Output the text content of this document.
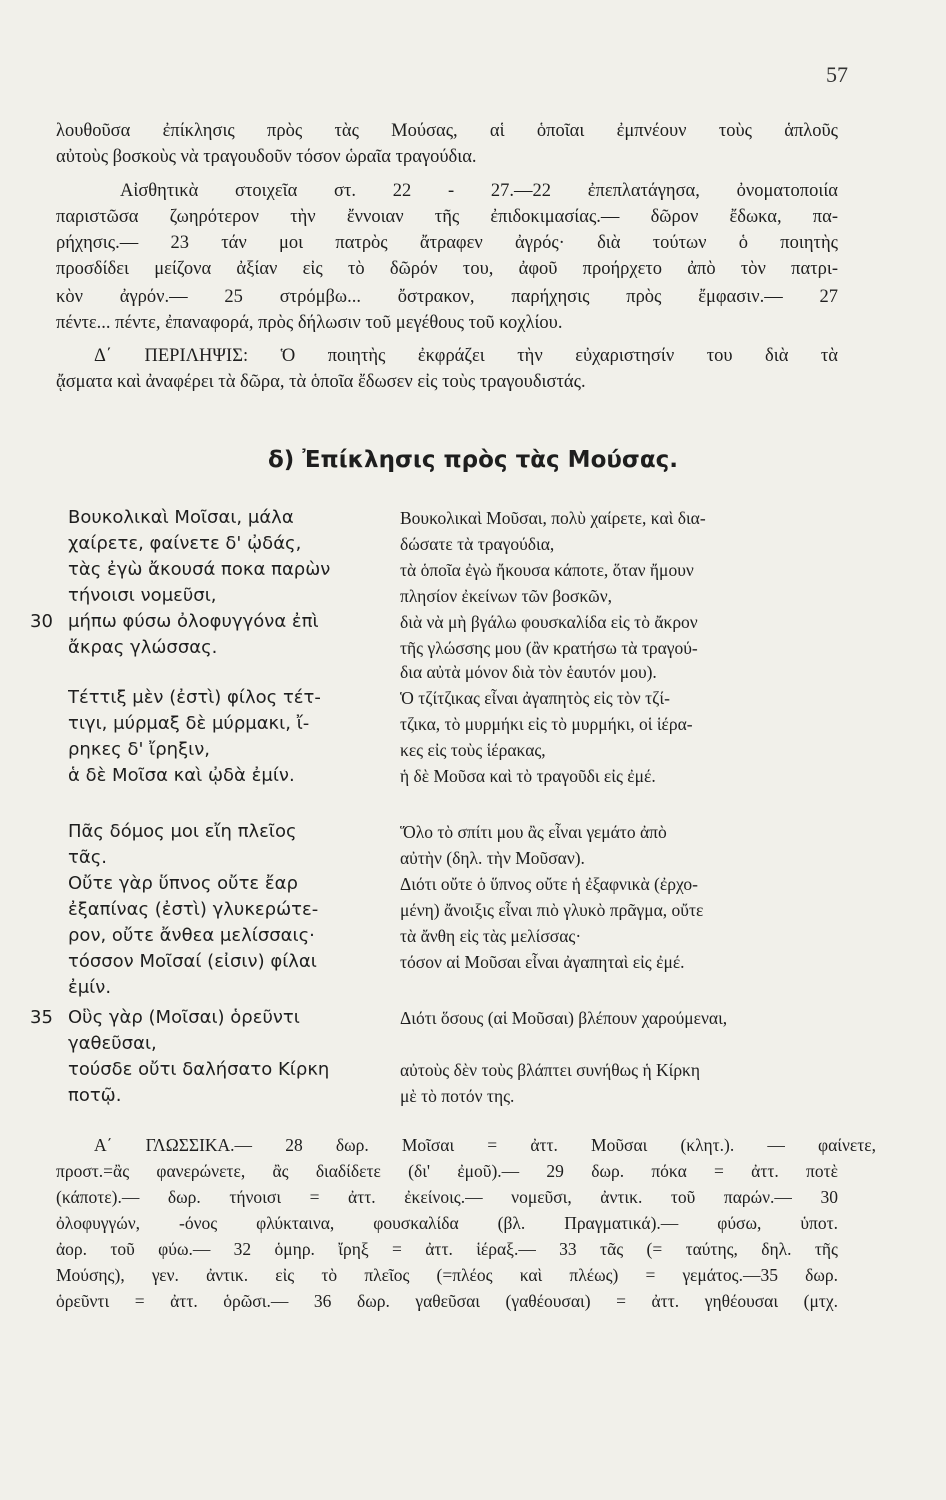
57
λουθοῦσα ἐπίκλησις πρὸς τὰς Μούσας, αἱ ὁποῖαι ἐμπνέουν τοὺς ἁπλοῦς
αὐτοὺς βοσκοὺς νὰ τραγουδοῦν τόσον ὡραῖα τραγούδια.
Αἰσθητικὰ στοιχεῖα στ. 22 - 27.—22 ἐπεπλατάγησα, ὀνοματοποιία
παριστῶσα ζωηρότερον τὴν ἔννοιαν τῆς ἐπιδοκιμασίας.— δῶρον ἔδωκα, πα-
ρήχησις.— 23 τάν μοι πατρὸς ἄτραφεν ἀγρός· διὰ τούτων ὁ ποιητὴς
προσδίδει μείζονα ἀξίαν εἰς τὸ δῶρόν του, ἀφοῦ προήρχετο ἀπὸ τὸν πατρι-
κὸν ἀγρόν.— 25 στρόμβω... ὄστρακον, παρήχησις πρὸς ἔμφασιν.— 27
πέντε... πέντε, ἐπαναφορά, πρὸς δήλωσιν τοῦ μεγέθους τοῦ κοχλίου.
Δ΄ ΠΕΡΙΛΗΨΙΣ: Ὁ ποιητὴς ἐκφράζει τὴν εὐχαριστησίν του διὰ τὰ
ᾄσματα καὶ ἀναφέρει τὰ δῶρα, τὰ ὁποῖα ἔδωσεν εἰς τοὺς τραγουδιστάς.
δ) Ἐπίκλησις πρὸς τὰς Μούσας.
30
35
Βουκολικαὶ Μοῖσαι, μάλα
χαίρετε, φαίνετε δ' ᾠδάς,
τὰς ἐγὼ ἄκουσά ποκα παρὼν
τήνοισι νομεῦσι,
μήπω φύσω ὀλοφυγγόνα ἐπὶ
ἄκρας γλώσσας.
Τέττιξ μὲν (ἐστὶ) φίλος τέτ-
τιγι, μύρμαξ δὲ μύρμακι, ἴ-
ρηκες δ' ἴρηξιν,
ἁ δὲ Μοῖσα καὶ ᾠδὰ ἐμίν.
Πᾶς δόμος μοι εἴη πλεῖος
τᾶς.
Οὔτε γὰρ ὕπνος οὔτε ἔαρ
ἐξαπίνας (ἐστὶ) γλυκερώτε-
ρον, οὔτε ἄνθεα μελίσσαις·
τόσσον Μοῖσαί (εἰσιν) φίλαι
ἐμίν.
Οὓς γὰρ (Μοῖσαι) ὁρεῦντι
γαθεῦσαι,
τούσδε οὔτι δαλήσατο Κίρκη
ποτῷ.
Βουκολικαὶ Μοῦσαι, πολὺ χαίρετε, καὶ δια-
δώσατε τὰ τραγούδια,
τὰ ὁποῖα ἐγὼ ἤκουσα κάποτε, ὅταν ἤμουν
πλησίον ἐκείνων τῶν βοσκῶν,
διὰ νὰ μὴ βγάλω φουσκαλίδα εἰς τὸ ἄκρον
τῆς γλώσσης μου (ἂν κρατήσω τὰ τραγού-
δια αὐτὰ μόνον διὰ τὸν ἑαυτόν μου).
Ὁ τζίτζικας εἶναι ἀγαπητὸς εἰς τὸν τζί-
τζικα, τὸ μυρμήκι εἰς τὸ μυρμήκι, οἱ ἱέρα-
κες εἰς τοὺς ἱέρακας,
ἡ δὲ Μοῦσα καὶ τὸ τραγοῦδι εἰς ἐμέ.
Ὅλο τὸ σπίτι μου ἂς εἶναι γεμάτο ἀπὸ
αὐτὴν (δηλ. τὴν Μοῦσαν).
Διότι οὔτε ὁ ὕπνος οὔτε ἡ ἐξαφνικὰ (ἐρχο-
μένη) ἄνοιξις εἶναι πιὸ γλυκὸ πρᾶγμα, οὔτε
τὰ ἄνθη εἰς τὰς μελίσσας·
τόσον αἱ Μοῦσαι εἶναι ἀγαπηταὶ εἰς ἐμέ.
Διότι ὅσους (αἱ Μοῦσαι) βλέπουν χαρούμεναι,
αὐτοὺς δὲν τοὺς βλάπτει συνήθως ἡ Κίρκη
μὲ τὸ ποτόν της.
Α΄ ΓΛΩΣΣΙΚΑ.— 28 δωρ. Μοῖσαι = ἀττ. Μοῦσαι (κλητ.). — φαίνετε,
προστ.=ἂς φανερώνετε, ἂς διαδίδετε (δι' ἐμοῦ).— 29 δωρ. πόκα = ἀττ. ποτὲ
(κάποτε).— δωρ. τήνοισι = ἀττ. ἐκείνοις.— νομεῦσι, ἀντικ. τοῦ παρών.— 30
ὀλοφυγγών, -όνος φλύκταινα, φουσκαλίδα (βλ. Πραγματικά).— φύσω, ὑποτ.
ἀορ. τοῦ φύω.— 32 ὁμηρ. ἴρηξ = ἀττ. ἱέραξ.— 33 τᾶς (= ταύτης, δηλ. τῆς
Μούσης), γεν. ἀντικ. εἰς τὸ πλεῖος (=πλέος καὶ πλέως) = γεμάτος.—35 δωρ.
ὁρεῦντι = ἀττ. ὁρῶσι.— 36 δωρ. γαθεῦσαι (γαθέουσαι) = ἀττ. γηθέουσαι (μτχ.
